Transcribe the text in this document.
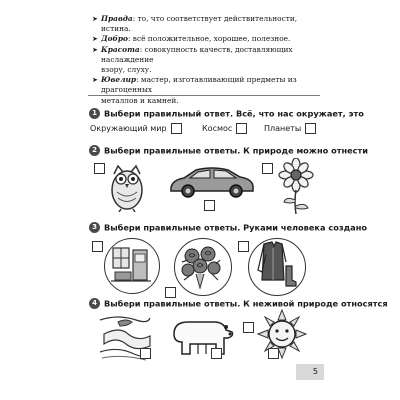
➤ Правда: то, что соответствует действительности, истина.
➤ Добро: всё положительное, хорошее, полезное.
➤ Красота: совокупность качеств, доставляющих наслаждение
взору, слуху.
➤ Ювелир: мастер, изготавливающий предметы из драгоценных
металлов и камней.
1 Выбери правильный ответ. Всё, что нас окружает, это
Окружающий мир	Космос	Планеты
2 Выбери правильные ответы. К природе можно отнести
3 Выбери правильные ответы. Руками человека создано
4 Выбери правильные ответы. К неживой природе относятся
5
